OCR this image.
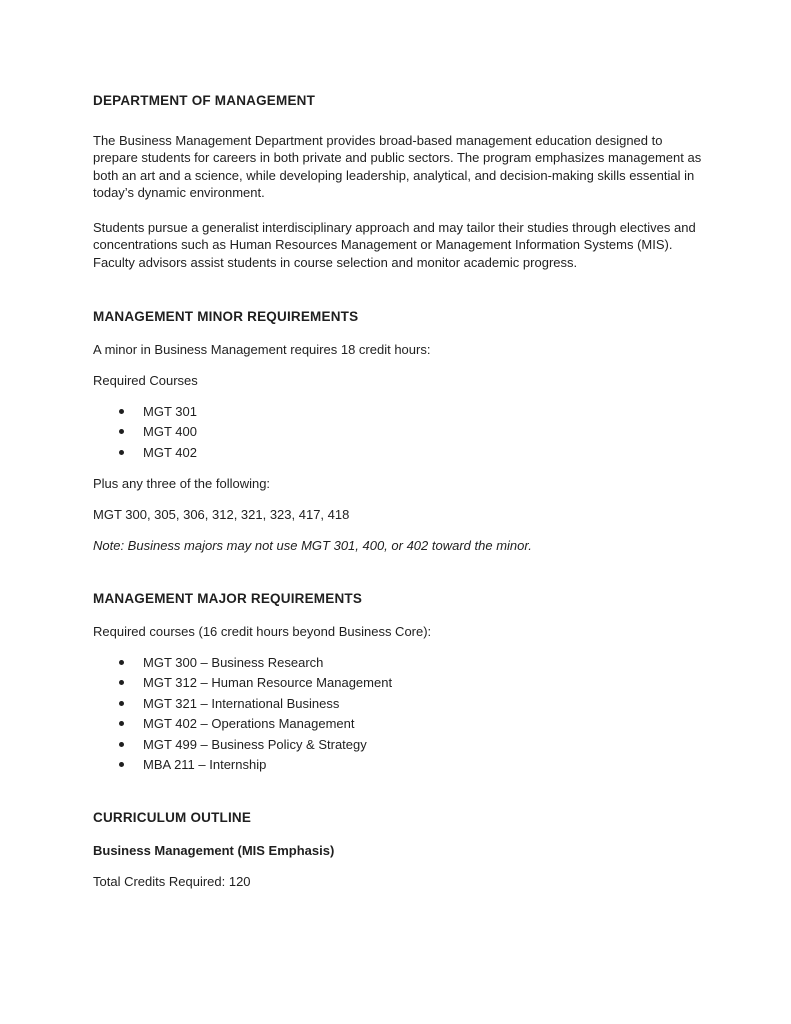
DEPARTMENT OF MANAGEMENT

The Business Management Department provides broad-based management education designed to prepare students for careers in both private and public sectors. The program emphasizes management as both an art and a science, while developing leadership, analytical, and decision-making skills essential in today’s dynamic environment.

Students pursue a generalist interdisciplinary approach and may tailor their studies through electives and concentrations such as Human Resources Management or Management Information Systems (MIS). Faculty advisors assist students in course selection and monitor academic progress.

MANAGEMENT MINOR REQUIREMENTS

A minor in Business Management requires 18 credit hours:

Required Courses

MGT 301
MGT 400
MGT 402

Plus any three of the following:

MGT 300, 305, 306, 312, 321, 323, 417, 418

Note: Business majors may not use MGT 301, 400, or 402 toward the minor.

MANAGEMENT MAJOR REQUIREMENTS

Required courses (16 credit hours beyond Business Core):

MGT 300 – Business Research
MGT 312 – Human Resource Management
MGT 321 – International Business
MGT 402 – Operations Management
MGT 499 – Business Policy & Strategy
MBA 211 – Internship
CURRICULUM OUTLINE

Business Management (MIS Emphasis)

Total Credits Required: 120
